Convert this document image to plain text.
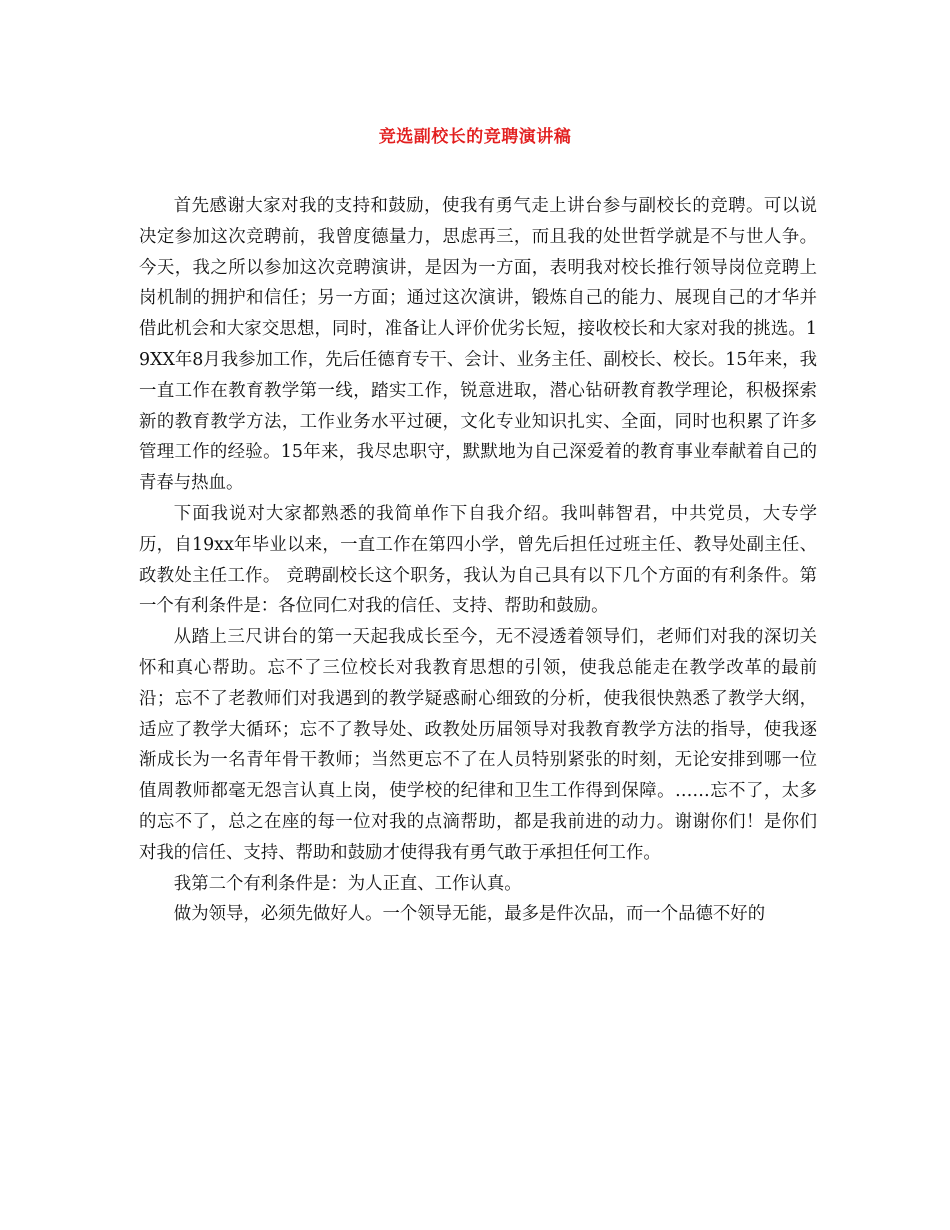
竞选副校长的竞聘演讲稿

首先感谢大家对我的支持和鼓励，使我有勇气走上讲台参与副校长的竞聘。可以说决定参加这次竞聘前，我曾度德量力，思虑再三，而且我的处世哲学就是不与世人争。今天，我之所以参加这次竞聘演讲，是因为一方面，表明我对校长推行领导岗位竞聘上岗机制的拥护和信任；另一方面；通过这次演讲，锻炼自己的能力、展现自己的才华并借此机会和大家交思想，同时，准备让人评价优劣长短，接收校长和大家对我的挑选。19XX年8月我参加工作，先后任德育专干、会计、业务主任、副校长、校长。15年来，我一直工作在教育教学第一线，踏实工作，锐意进取，潜心钻研教育教学理论，积极探索新的教育教学方法，工作业务水平过硬，文化专业知识扎实、全面，同时也积累了许多管理工作的经验。15年来，我尽忠职守，默默地为自己深爱着的教育事业奉献着自己的青春与热血。

下面我说对大家都熟悉的我简单作下自我介绍。我叫韩智君，中共党员，大专学历，自19xx年毕业以来，一直工作在第四小学，曾先后担任过班主任、教导处副主任、政教处主任工作。 竞聘副校长这个职务，我认为自己具有以下几个方面的有利条件。第一个有利条件是：各位同仁对我的信任、支持、帮助和鼓励。

从踏上三尺讲台的第一天起我成长至今，无不浸透着领导们，老师们对我的深切关怀和真心帮助。忘不了三位校长对我教育思想的引领，使我总能走在教学改革的最前沿；忘不了老教师们对我遇到的教学疑惑耐心细致的分析，使我很快熟悉了教学大纲，适应了教学大循环；忘不了教导处、政教处历届领导对我教育教学方法的指导，使我逐渐成长为一名青年骨干教师；当然更忘不了在人员特别紧张的时刻，无论安排到哪一位值周教师都毫无怨言认真上岗，使学校的纪律和卫生工作得到保障。……忘不了，太多的忘不了，总之在座的每一位对我的点滴帮助，都是我前进的动力。谢谢你们！是你们对我的信任、支持、帮助和鼓励才使得我有勇气敢于承担任何工作。

我第二个有利条件是：为人正直、工作认真。

做为领导，必须先做好人。一个领导无能，最多是件次品，而一个品德不好的
